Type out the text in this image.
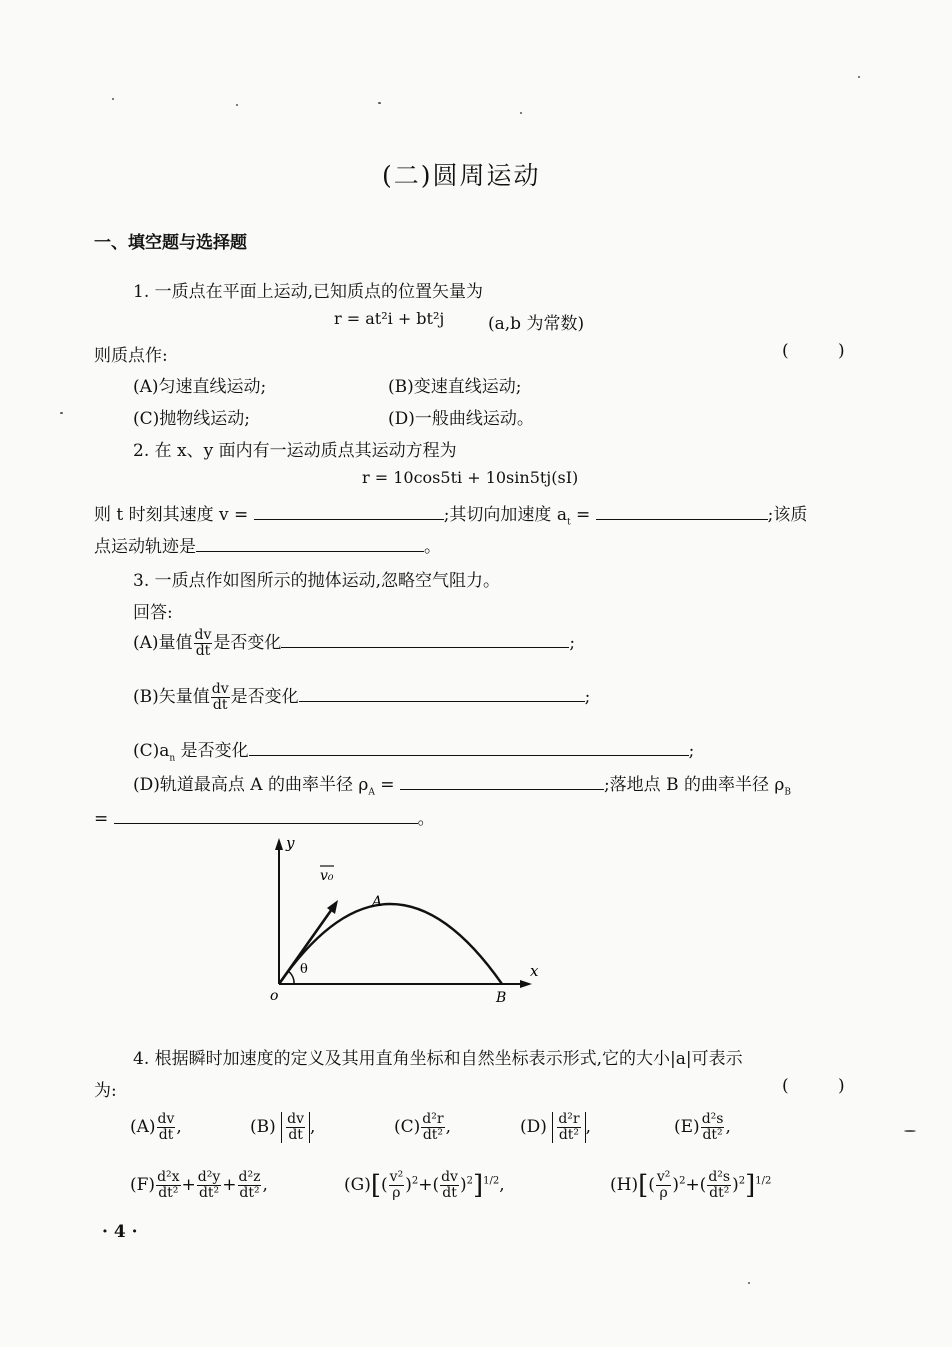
(二)圆周运动
一、填空题与选择题
1. 一质点在平面上运动,已知质点的位置矢量为
r = at²i + bt²j	(a,b 为常数)
则质点作:	( )
(A)匀速直线运动;	(B)变速直线运动;
(C)抛物线运动;	(D)一般曲线运动。
2. 在 x、y 面内有一运动质点其运动方程为
r = 10cos5ti + 10sin5tj(sI)
则 t 时刻其速度 v =	;其切向加速度 $a_t$ =	;该质
点运动轨迹是	。
3. 一质点作如图所示的抛体运动,忽略空气阻力。
回答:
(A)量值 $\frac{dv}{dt}$ 是否变化	;
(B)矢量值 $\frac{dv}{dt}$ 是否变化	;
$(C)a_n$ 是否变化	;
(D)轨道最高点 A 的曲率半径 $\rho_A$ =	;落地点 B 的曲率半径 $\rho_B$
=	。
y
x
o
v₀
A
B
θ
4. 根据瞬时加速度的定义及其用直角坐标和自然坐标表示形式,它的大小|a|可表示
为:	( )
$(A) \frac{dv}{dt}$ ,	$(B) \frac{dv}{dt}$ ,	$(C) \frac{\text{d²r}}{\text{dt²}}$ ,	$(D) \frac{\text{d²r}}{\text{dt²}}$ ,	$(E) \frac{\text{d²s}}{\text{dt²}}$ ,
$(F) \frac{\text{d²x}}{\text{dt²}} + \frac{\text{d²y}}{\text{dt²}} + \frac{\text{d²z}}{\text{dt²}}$ ,	$(G)[( \frac{\text{v²}}{\rho} )^2+( \frac{dv}{dt} )^2]^{1/2}$,	$(H)[( \frac{\text{v²}}{\rho} )^2+( \frac{\text{d²s}}{\text{dt²}} )^2]^{1/2}$
· 4 ·
